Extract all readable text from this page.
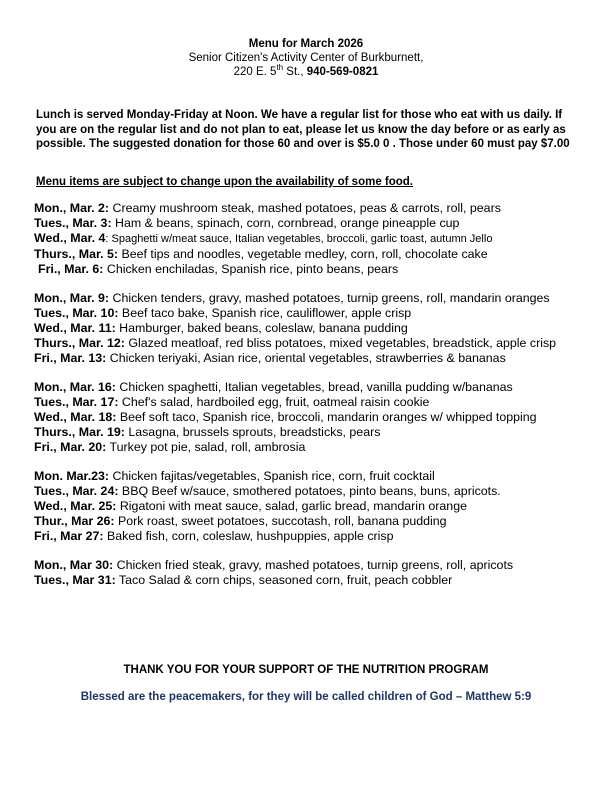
Menu for March 2026
Senior Citizen's Activity Center of Burkburnett,
220 E. 5th St., 940-569-0821
Lunch is served Monday-Friday at Noon. We have a regular list for those who eat with us daily. If you are on the regular list and do not plan to eat, please let us know the day before or as early as possible. The suggested donation for those 60 and over is $5.0 0 . Those under 60 must pay $7.00
Menu items are subject to change upon the availability of some food.
Mon., Mar. 2: Creamy mushroom steak, mashed potatoes, peas & carrots, roll, pears
Tues., Mar. 3: Ham & beans, spinach, corn, cornbread, orange pineapple cup
Wed., Mar. 4: Spaghetti w/meat sauce, Italian vegetables, broccoli, garlic toast, autumn Jello
Thurs., Mar. 5: Beef tips and noodles, vegetable medley, corn, roll, chocolate cake
Fri., Mar. 6: Chicken enchiladas, Spanish rice, pinto beans, pears
Mon., Mar. 9: Chicken tenders, gravy, mashed potatoes, turnip greens, roll, mandarin oranges
Tues., Mar. 10: Beef taco bake, Spanish rice, cauliflower, apple crisp
Wed., Mar. 11: Hamburger, baked beans, coleslaw, banana pudding
Thurs., Mar. 12: Glazed meatloaf, red bliss potatoes, mixed vegetables, breadstick, apple crisp
Fri., Mar. 13: Chicken teriyaki, Asian rice, oriental vegetables, strawberries & bananas
Mon., Mar. 16: Chicken spaghetti, Italian vegetables, bread, vanilla pudding w/bananas
Tues., Mar. 17: Chef's salad, hardboiled egg, fruit, oatmeal raisin cookie
Wed., Mar. 18: Beef soft taco, Spanish rice, broccoli, mandarin oranges w/ whipped topping
Thurs., Mar. 19: Lasagna, brussels sprouts, breadsticks, pears
Fri., Mar. 20: Turkey pot pie, salad, roll, ambrosia
Mon. Mar.23: Chicken fajitas/vegetables, Spanish rice, corn, fruit cocktail
Tues., Mar. 24: BBQ Beef w/sauce, smothered potatoes, pinto beans, buns, apricots.
Wed., Mar. 25: Rigatoni with meat sauce, salad, garlic bread, mandarin orange
Thur., Mar 26: Pork roast, sweet potatoes, succotash, roll, banana pudding
Fri., Mar 27: Baked fish, corn, coleslaw, hushpuppies, apple crisp
Mon., Mar 30: Chicken fried steak, gravy, mashed potatoes, turnip greens, roll, apricots
Tues., Mar 31: Taco Salad & corn chips, seasoned corn, fruit, peach cobbler
THANK YOU FOR YOUR SUPPORT OF THE NUTRITION PROGRAM
Blessed are the peacemakers, for they will be called children of God – Matthew 5:9
